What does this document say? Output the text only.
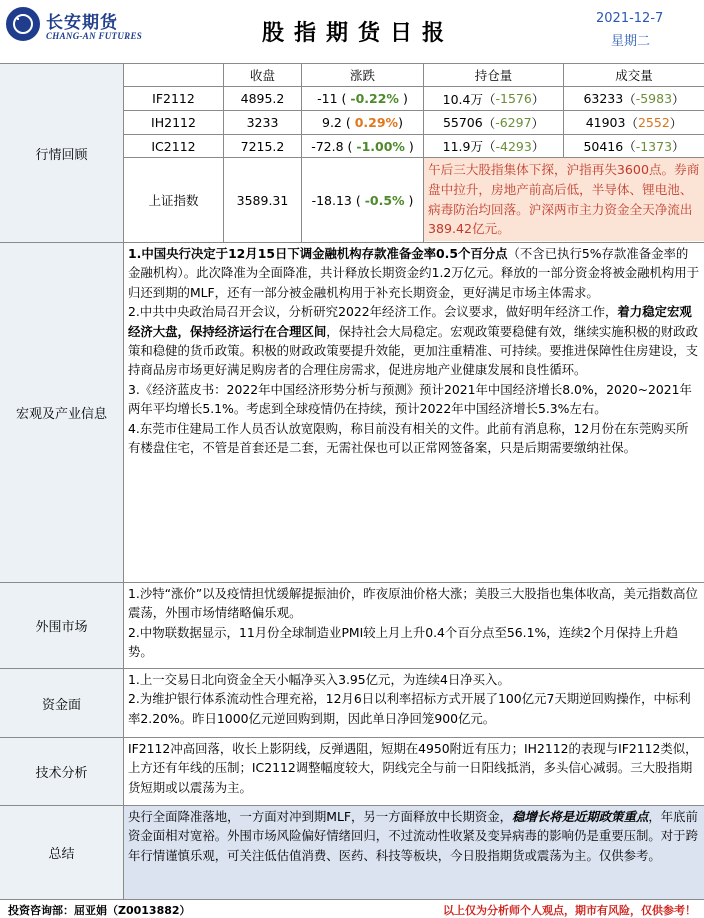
长安期货
CHANG-AN FUTURES	股指期货日报
2021-12-7
星期二
行情回顾
收盘	涨跌	持仓量	成交量
IF2112	4895.2	-11 ( -0.22% )	10.4万 （ -1576 ）	63233 （ -5983 ）
IH2112	3233	9.2 ( 0.29% )	55706 （ -6297 ）	41903 （ 2552 ）
IC2112	7215.2	-72.8 ( -1.00% )	11.9万 （ -4293 ）	50416 （ -1373 ）
上证指数	3589.31	-18.13 ( -0.5% )
午后三大股指集体下探，沪指再失3600点。券商盘中拉升，房地产前高后低，半导体、锂电池、病毒防治均回落。沪深两市主力资金全天净流出389.42亿元。
宏观及产业信息

1.中国央行决定于12月15日下调金融机构存款准备金率0.5个百分点（不含已执行5%存款准备金率的金融机构）。此次降准为全面降准，共计释放长期资金约1.2万亿元。释放的一部分资金将被金融机构用于归还到期的MLF，还有一部分被金融机构用于补充长期资金，更好满足市场主体需求。

2.中共中央政治局召开会议，分析研究2022年经济工作。会议要求，做好明年经济工作，着力稳定宏观经济大盘，保持经济运行在合理区间，保持社会大局稳定。宏观政策要稳健有效，继续实施积极的财政政策和稳健的货币政策。积极的财政政策要提升效能，更加注重精准、可持续。要推进保障性住房建设，支持商品房市场更好满足购房者的合理住房需求，促进房地产业健康发展和良性循环。

3.《经济蓝皮书：2022年中国经济形势分析与预测》预计2021年中国经济增长8.0%，2020~2021年两年平均增长5.1%。考虑到全球疫情仍在持续，预计2022年中国经济增长5.3%左右。

4.东莞市住建局工作人员否认放宽限购，称目前没有相关的文件。此前有消息称，12月份在东莞购买所有楼盘住宅，不管是首套还是二套，无需社保也可以正常网签备案，只是后期需要缴纳社保。

外围市场

1.沙特“涨价”以及疫情担忧缓解提振油价，昨夜原油价格大涨；美股三大股指也集体收高，美元指数高位震荡，外围市场情绪略偏乐观。

2.中物联数据显示，11月份全球制造业PMI较上月上升0.4个百分点至56.1%，连续2个月保持上升趋势。

资金面

1.上一交易日北向资金全天小幅净买入3.95亿元，为连续4日净买入。

2.为维护银行体系流动性合理充裕，12月6日以利率招标方式开展了100亿元7天期逆回购操作，中标利率2.20%。昨日1000亿元逆回购到期，因此单日净回笼900亿元。

技术分析

IF2112冲高回落，收长上影阴线，反弹遇阻，短期在4950附近有压力；IH2112的表现与IF2112类似，上方还有年线的压制；IC2112调整幅度较大，阴线完全与前一日阳线抵消，多头信心减弱。三大股指期货短期或以震荡为主。

总结

央行全面降准落地，一方面对冲到期MLF，另一方面释放中长期资金，稳增长将是近期政策重点，年底前资金面相对宽裕。外围市场风险偏好情绪回归，不过流动性收紧及变异病毒的影响仍是重要压制。对于跨年行情谨慎乐观，可关注低估值消费、医药、科技等板块，今日股指期货或震荡为主。仅供参考。

投资咨询部：屈亚娟（Z0013882）	以上仅为分析师个人观点，期市有风险，仅供参考！
